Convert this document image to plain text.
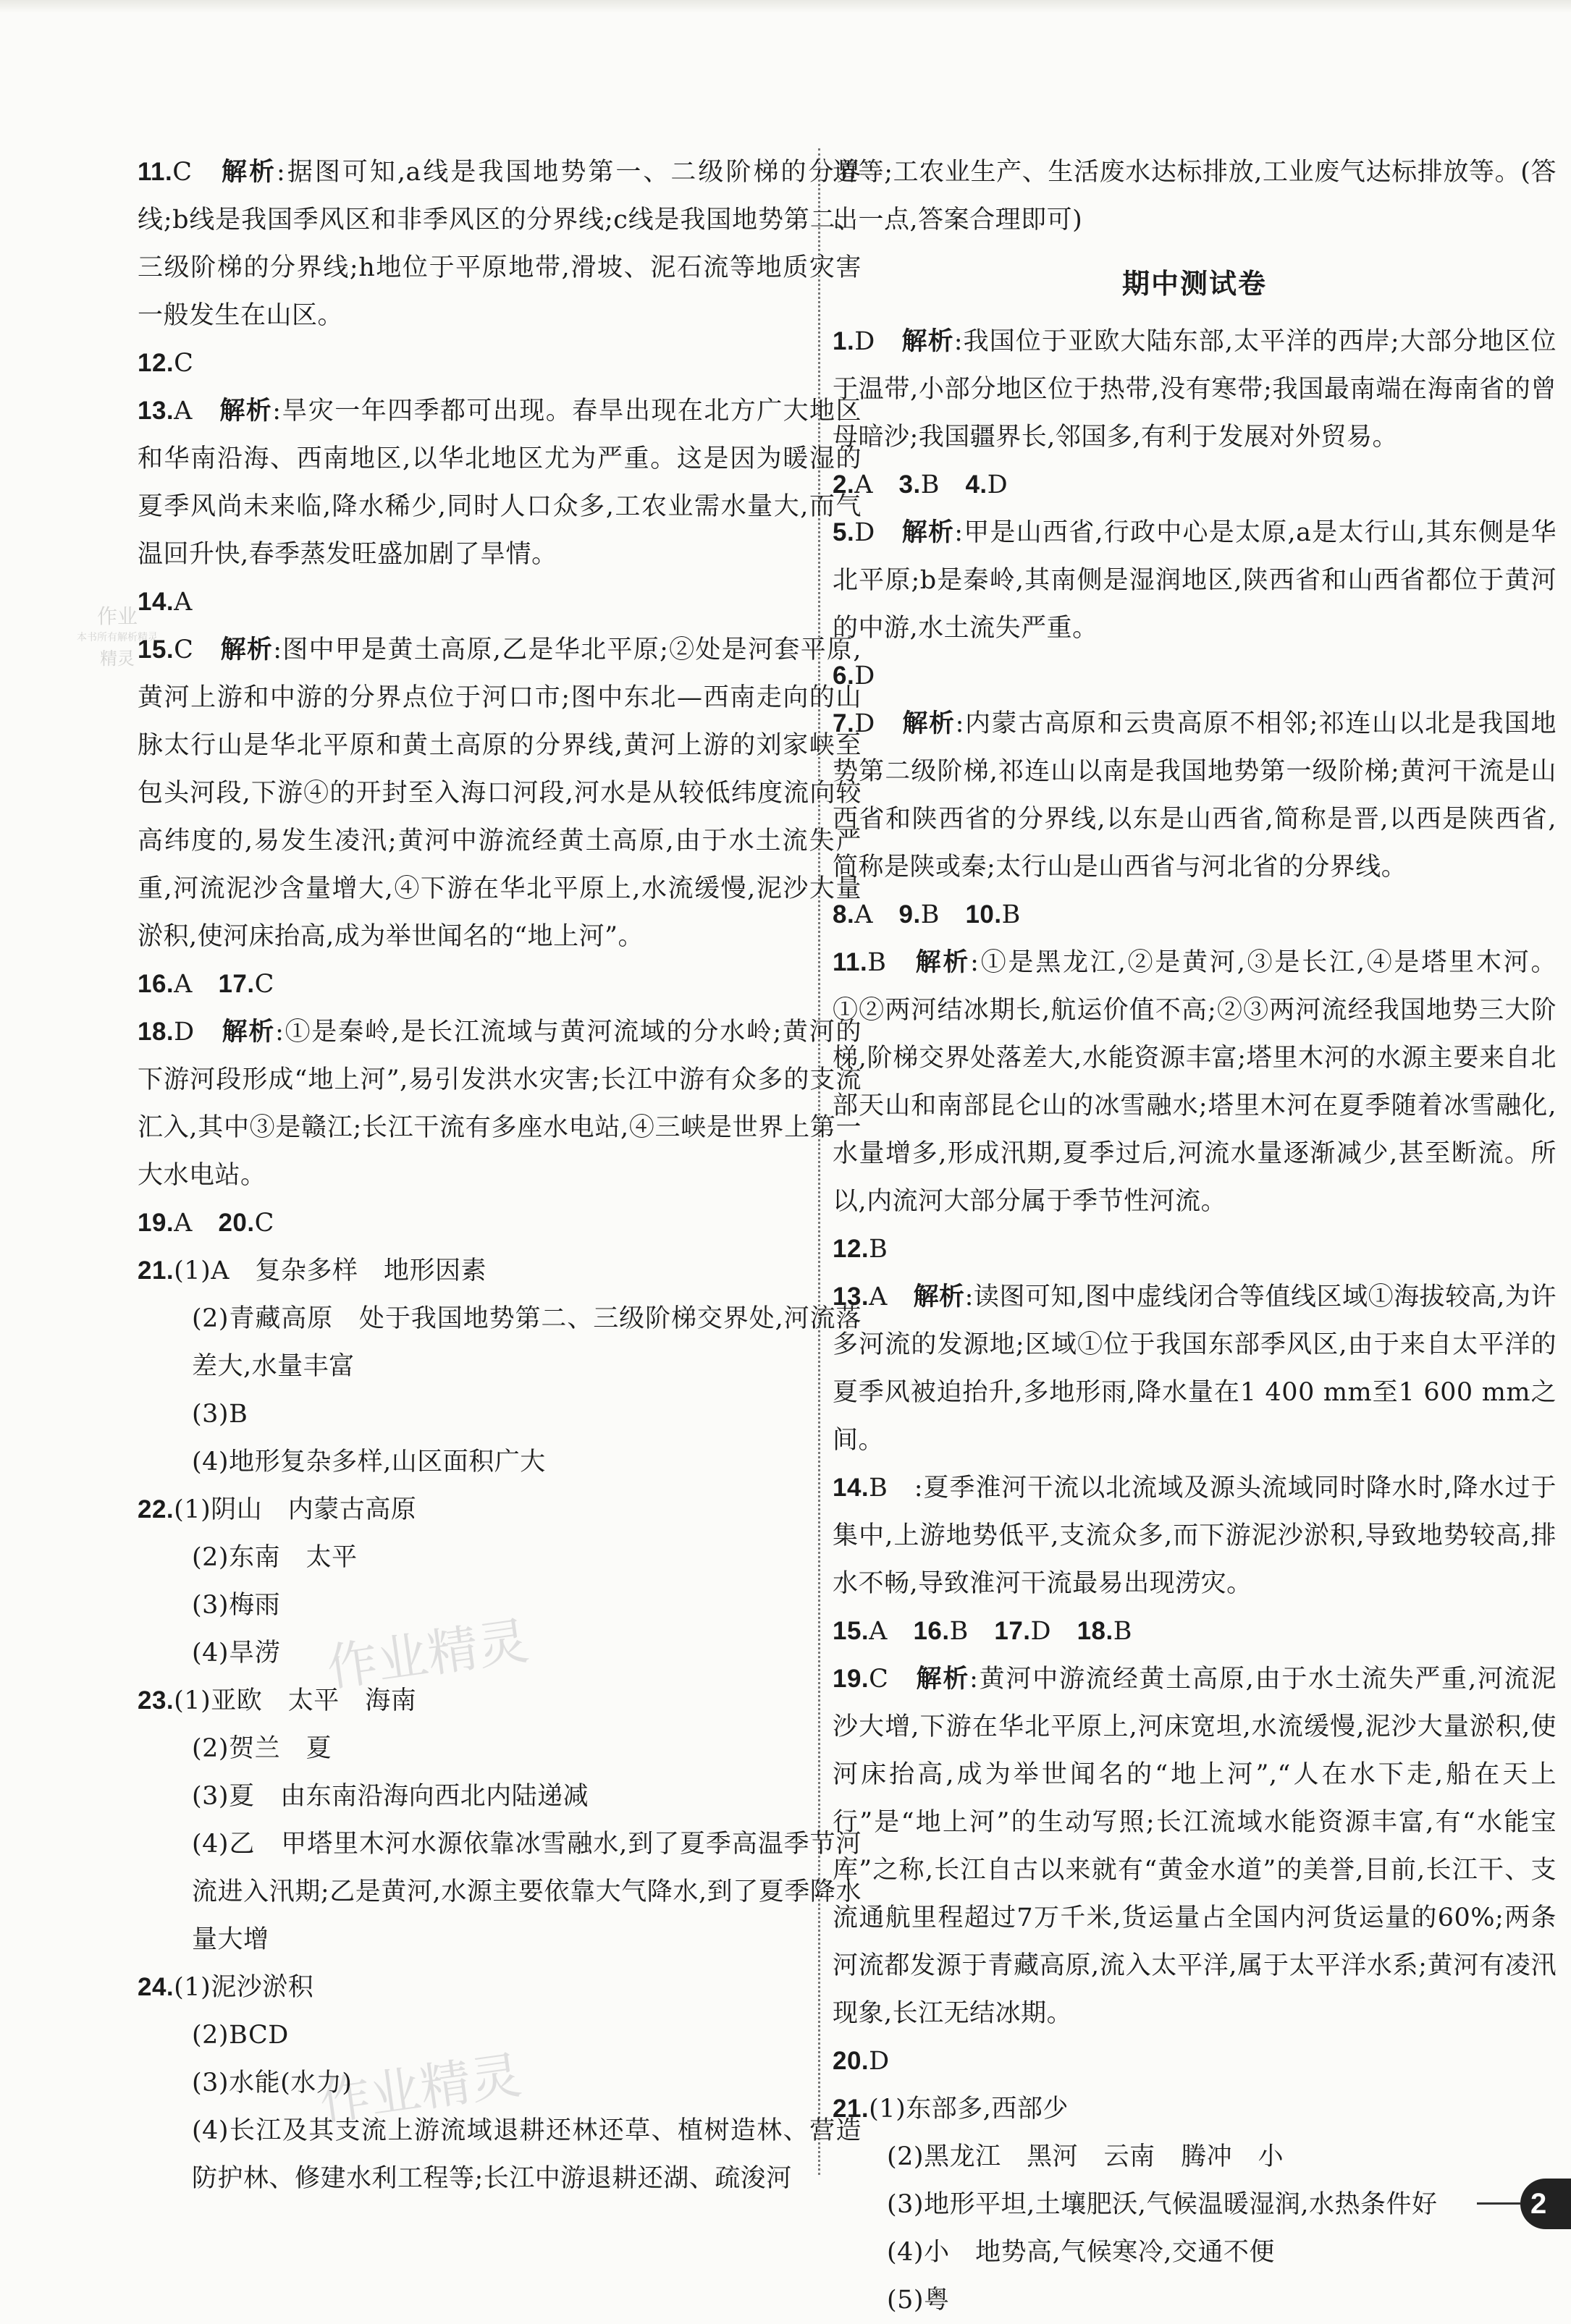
作业
本书所有解析精灵
精灵
作业精灵
作业精灵

11.C　 解析:据图可知,a线是我国地势第一、二级阶梯的分界线;b线是我国季风区和非季风区的分界线;c线是我国地势第二、三级阶梯的分界线;h地位于平原地带,滑坡、泥石流等地质灾害一般发生在山区。

12.C

13.A　 解析:旱灾一年四季都可出现。春旱出现在北方广大地区和华南沿海、西南地区,以华北地区尤为严重。这是因为暖湿的夏季风尚未来临,降水稀少,同时人口众多,工农业需水量大,而气温回升快,春季蒸发旺盛加剧了旱情。

14.A

15.C　 解析:图中甲是黄土高原,乙是华北平原;②处是河套平原,黄河上游和中游的分界点位于河口市;图中东北—西南走向的山脉太行山是华北平原和黄土高原的分界线,黄河上游的刘家峡至包头河段,下游④的开封至入海口河段,河水是从较低纬度流向较高纬度的,易发生凌汛;黄河中游流经黄土高原,由于水土流失严重,河流泥沙含量增大,④下游在华北平原上,水流缓慢,泥沙大量淤积,使河床抬高,成为举世闻名的“地上河”。

16.A　 17.C

18.D　 解析:①是秦岭,是长江流域与黄河流域的分水岭;黄河的下游河段形成“地上河”,易引发洪水灾害;长江中游有众多的支流汇入,其中③是赣江;长江干流有多座水电站,④三峡是世界上第一大水电站。

19.A　 20.C

21.(1)A　复杂多样　地形因素

(2)青藏高原　处于我国地势第二、三级阶梯交界处,河流落差大,水量丰富

(3)B

(4)地形复杂多样,山区面积广大

22.(1)阴山　内蒙古高原

(2)东南　太平

(3)梅雨

(4)旱涝

23.(1)亚欧　太平　海南

(2)贺兰　夏

(3)夏　由东南沿海向西北内陆递减

(4)乙　甲塔里木河水源依靠冰雪融水,到了夏季高温季节河流进入汛期;乙是黄河,水源主要依靠大气降水,到了夏季降水量大增

24.(1)泥沙淤积

(2)BCD

(3)水能(水力)

(4)长江及其支流上游流域退耕还林还草、植树造林、营造防护林、修建水利工程等;长江中游退耕还湖、疏浚河

道等;工农业生产、生活废水达标排放,工业废气达标排放等。(答出一点,答案合理即可)

期中测试卷

1.D　 解析:我国位于亚欧大陆东部,太平洋的西岸;大部分地区位于温带,小部分地区位于热带,没有寒带;我国最南端在海南省的曾母暗沙;我国疆界长,邻国多,有利于发展对外贸易。

2.A　 3.B　 4.D

5.D　 解析:甲是山西省,行政中心是太原,a是太行山,其东侧是华北平原;b是秦岭,其南侧是湿润地区,陕西省和山西省都位于黄河的中游,水土流失严重。

6.D

7.D　 解析:内蒙古高原和云贵高原不相邻;祁连山以北是我国地势第二级阶梯,祁连山以南是我国地势第一级阶梯;黄河干流是山西省和陕西省的分界线,以东是山西省,简称是晋,以西是陕西省,简称是陕或秦;太行山是山西省与河北省的分界线。

8.A　 9.B　 10.B

11.B　 解析:①是黑龙江,②是黄河,③是长江,④是塔里木河。①②两河结冰期长,航运价值不高;②③两河流经我国地势三大阶梯,阶梯交界处落差大,水能资源丰富;塔里木河的水源主要来自北部天山和南部昆仑山的冰雪融水;塔里木河在夏季随着冰雪融化,水量增多,形成汛期,夏季过后,河流水量逐渐减少,甚至断流。所以,内流河大部分属于季节性河流。

12.B

13.A　 解析:读图可知,图中虚线闭合等值线区域①海拔较高,为许多河流的发源地;区域①位于我国东部季风区,由于来自太平洋的夏季风被迫抬升,多地形雨,降水量在1 400 mm至1 600 mm之间。

14.B　 :夏季淮河干流以北流域及源头流域同时降水时,降水过于集中,上游地势低平,支流众多,而下游泥沙淤积,导致地势较高,排水不畅,导致淮河干流最易出现涝灾。

15.A　 16.B　 17.D　 18.B

19.C　 解析:黄河中游流经黄土高原,由于水土流失严重,河流泥沙大增,下游在华北平原上,河床宽坦,水流缓慢,泥沙大量淤积,使河床抬高,成为举世闻名的“地上河”,“人在水下走,船在天上行”是“地上河”的生动写照;长江流域水能资源丰富,有“水能宝库”之称,长江自古以来就有“黄金水道”的美誉,目前,长江干、支流通航里程超过7万千米,货运量占全国内河货运量的60%;两条河流都发源于青藏高原,流入太平洋,属于太平洋水系;黄河有凌汛现象,长江无结冰期。

20.D

21.(1)东部多,西部少

(2)黑龙江　黑河　云南　腾冲　小

(3)地形平坦,土壤肥沃,气候温暖湿润,水热条件好

(4)小　地势高,气候寒冷,交通不便

(5)粤

2
